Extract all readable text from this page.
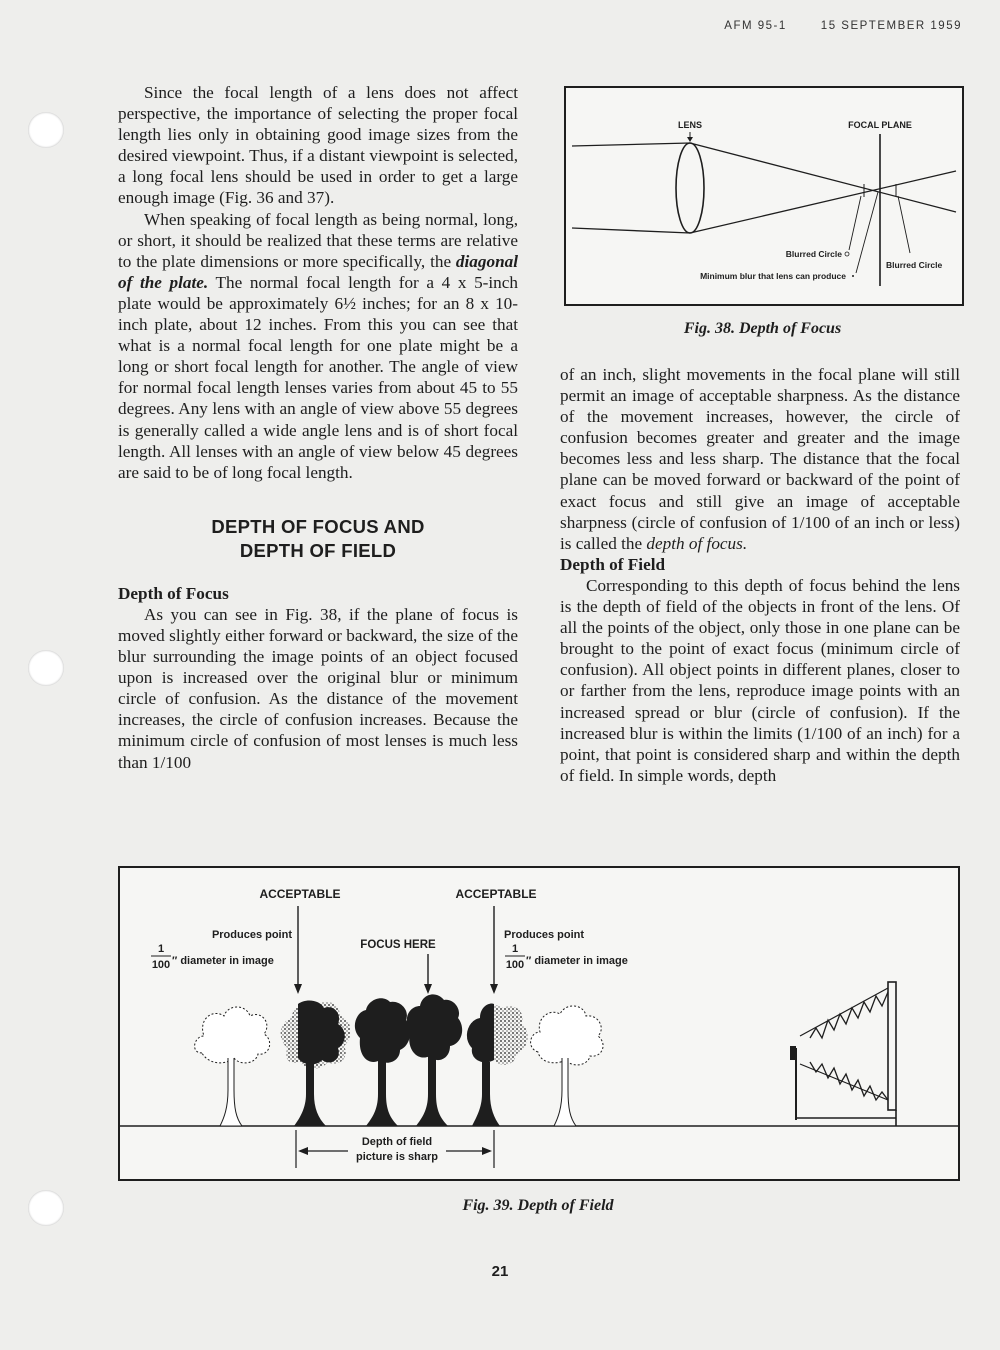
AFM 95-1	15 SEPTEMBER 1959

Since the focal length of a lens does not affect perspective, the importance of selecting the proper focal length lies only in obtaining good image sizes from the desired viewpoint. Thus, if a distant viewpoint is selected, a long focal lens should be used in order to get a large enough image (Fig. 36 and 37).

When speaking of focal length as being normal, long, or short, it should be realized that these terms are relative to the plate dimensions or more specifically, the diagonal of the plate. The normal focal length for a 4 x 5-inch plate would be approximately 6½ inches; for an 8 x 10-inch plate, about 12 inches. From this you can see that what is a normal focal length for one plate might be a long or short focal length for another. The angle of view for normal focal length lenses varies from about 45 to 55 degrees. Any lens with an angle of view above 55 degrees is generally called a wide angle lens and is of short focal length. All lenses with an angle of view below 45 degrees are said to be of long focal length.

DEPTH OF FOCUS AND
DEPTH OF FIELD

Depth of Focus

As you can see in Fig. 38, if the plane of focus is moved slightly either forward or backward, the size of the blur surrounding the image points of an object focused upon is increased over the original blur or minimum circle of confusion. As the distance of the movement increases, the circle of confusion increases. Because the minimum circle of confusion of most lenses is much less than 1/100

of an inch, slight movements in the focal plane will still permit an image of acceptable sharpness. As the distance of the movement increases, however, the circle of confusion becomes greater and greater and the image becomes less and less sharp. The distance that the focal plane can be moved forward or backward of the point of exact focus and still give an image of acceptable sharpness (circle of confusion of 1/100 of an inch or less) is called the depth of focus.

Depth of Field

Corresponding to this depth of focus behind the lens is the depth of field of the objects in front of the lens. Of all the points of the object, only those in one plane can be brought to the point of exact focus (minimum circle of confusion). All object points in different planes, closer to or farther from the lens, reproduce image points with an increased spread or blur (circle of confusion). If the increased blur is within the limits (1/100 of an inch) for a point, that point is considered sharp and within the depth of field. In simple words, depth

LENS	FOCAL PLANE
Blurred Circle
Minimum blur that lens can produce
Blurred Circle
Fig. 38. Depth of Focus
ACCEPTABLE	ACCEPTABLE
Produces point
1
100 ″ diameter in image
FOCUS HERE
Produces point
1
100 ″ diameter in image
Depth of field
picture is sharp
Fig. 39. Depth of Field
21
